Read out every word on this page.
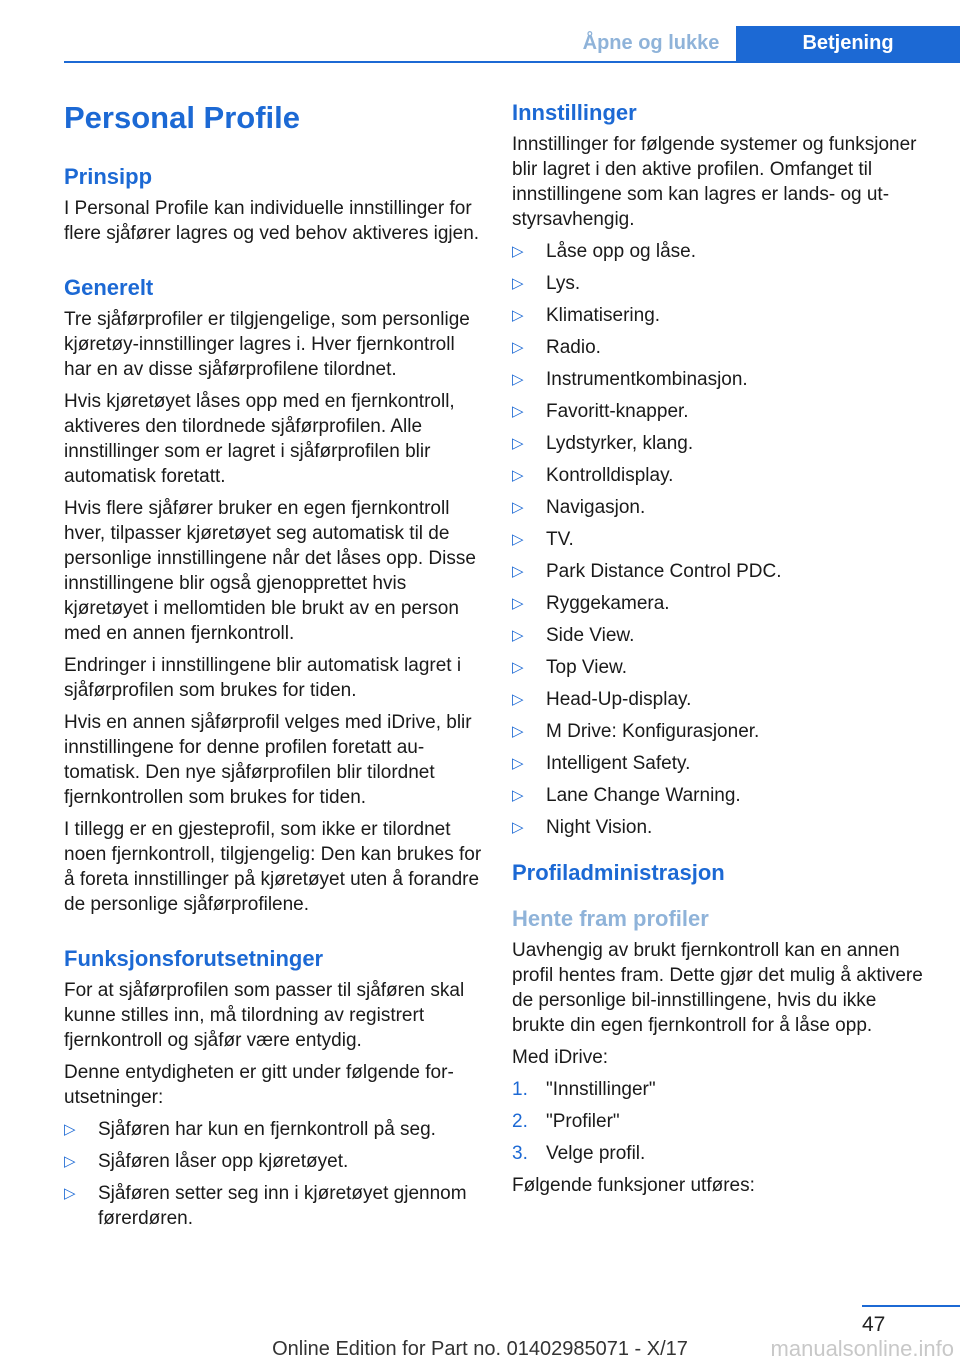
Åpne og lukke	Betjening
Personal Profile
Prinsipp
I Personal Profile kan individuelle innstillinger for flere sjåfører lagres og ved behov aktiveres igjen.
Generelt
Tre sjåførprofiler er tilgjengelige, som personlige kjøretøy-innstillinger lagres i. Hver fjernkontroll har en av disse sjåførprofilene tilordnet.
Hvis kjøretøyet låses opp med en fjernkontroll, aktiveres den tilordnede sjåførprofilen. Alle innstillinger som er lagret i sjåførprofilen blir automatisk foretatt.
Hvis flere sjåfører bruker en egen fjernkontroll hver, tilpasser kjøretøyet seg automatisk til de personlige innstillingene når det låses opp. Disse innstillingene blir også gjenopprettet hvis kjøretøyet i mellomtiden ble brukt av en person med en annen fjernkontroll.
Endringer i innstillingene blir automatisk lagret i sjåførprofilen som brukes for tiden.
Hvis en annen sjåførprofil velges med iDrive, blir innstillingene for denne profilen foretatt automatisk. Den nye sjåførprofilen blir tilordnet fjernkontrollen som brukes for tiden.
I tillegg er en gjesteprofil, som ikke er tilordnet noen fjernkontroll, tilgjengelig: Den kan brukes for å foreta innstillinger på kjøretøyet uten å forandre de personlige sjåførprofilene.
Funksjonsforutsetninger
For at sjåførprofilen som passer til sjåføren skal kunne stilles inn, må tilordning av registrert fjernkontroll og sjåfør være entydig.
Denne entydigheten er gitt under følgende forutsetninger:
▷ Sjåføren har kun en fjernkontroll på seg.
▷ Sjåføren låser opp kjøretøyet.
▷ Sjåføren setter seg inn i kjøretøyet gjennom førerdøren.
Innstillinger
Innstillinger for følgende systemer og funksjoner blir lagret i den aktive profilen. Omfanget til innstillingene som kan lagres er lands- og utstyrsavhengig.
▷ Låse opp og låse.
▷ Lys.
▷ Klimatisering.
▷ Radio.
▷ Instrumentkombinasjon.
▷ Favoritt-knapper.
▷ Lydstyrker, klang.
▷ Kontrolldisplay.
▷ Navigasjon.
▷ TV.
▷ Park Distance Control PDC.
▷ Ryggekamera.
▷ Side View.
▷ Top View.
▷ Head-Up-display.
▷ M Drive: Konfigurasjoner.
▷ Intelligent Safety.
▷ Lane Change Warning.
▷ Night Vision.
Profiladministrasjon
Hente fram profiler
Uavhengig av brukt fjernkontroll kan en annen profil hentes fram. Dette gjør det mulig å aktivere de personlige bil-innstillingene, hvis du ikke brukte din egen fjernkontroll for å låse opp.
Med iDrive:
1. "Innstillinger"
2. "Profiler"
3. Velge profil.
Følgende funksjoner utføres:
47
Online Edition for Part no. 01402985071 - X/17	manualsonline.info
